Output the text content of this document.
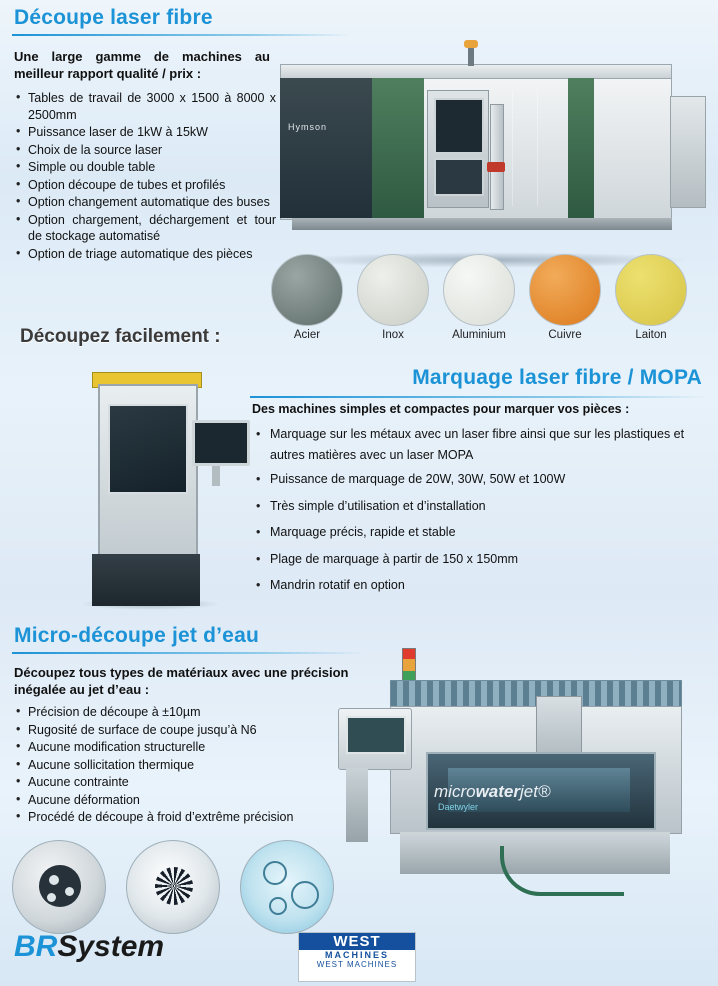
Découpe laser fibre
Une large gamme de machines au meilleur rapport qualité / prix :
• Tables de travail de 3000 x 1500 à 8000 x 2500mm
• Puissance laser de 1kW à 15kW
• Choix de la source laser
• Simple ou double table
• Option découpe de tubes et profilés
• Option changement automatique des buses
• Option chargement, déchargement et tour de stockage automatisé
• Option de triage automatique des pièces
Hymson
Découpez facilement :	Acier	Inox	Aluminium	Cuivre	Laiton
Marquage laser fibre / MOPA
Des machines simples et compactes pour marquer vos pièces :
• Marquage sur les métaux avec un laser fibre ainsi que sur les plastiques et autres matières avec un laser MOPA
• Puissance de marquage de 20W, 30W, 50W et 100W
• Très simple d’utilisation et d’installation
• Marquage précis, rapide et stable
• Plage de marquage à partir de 150 x 150mm
• Mandrin rotatif en option
Micro-découpe jet d’eau
Découpez tous types de matériaux avec une précision inégalée au jet d’eau :
• Précision de découpe à ±10µm
• Rugosité de surface de coupe jusqu’à N6
• Aucune modification structurelle
• Aucune sollicitation thermique
• Aucune contrainte
• Aucune déformation
• Procédé de découpe à froid d’extrême précision
microwaterjet®
Daetwyler
BRSystem	WEST
MACHINES
WEST MACHINES
